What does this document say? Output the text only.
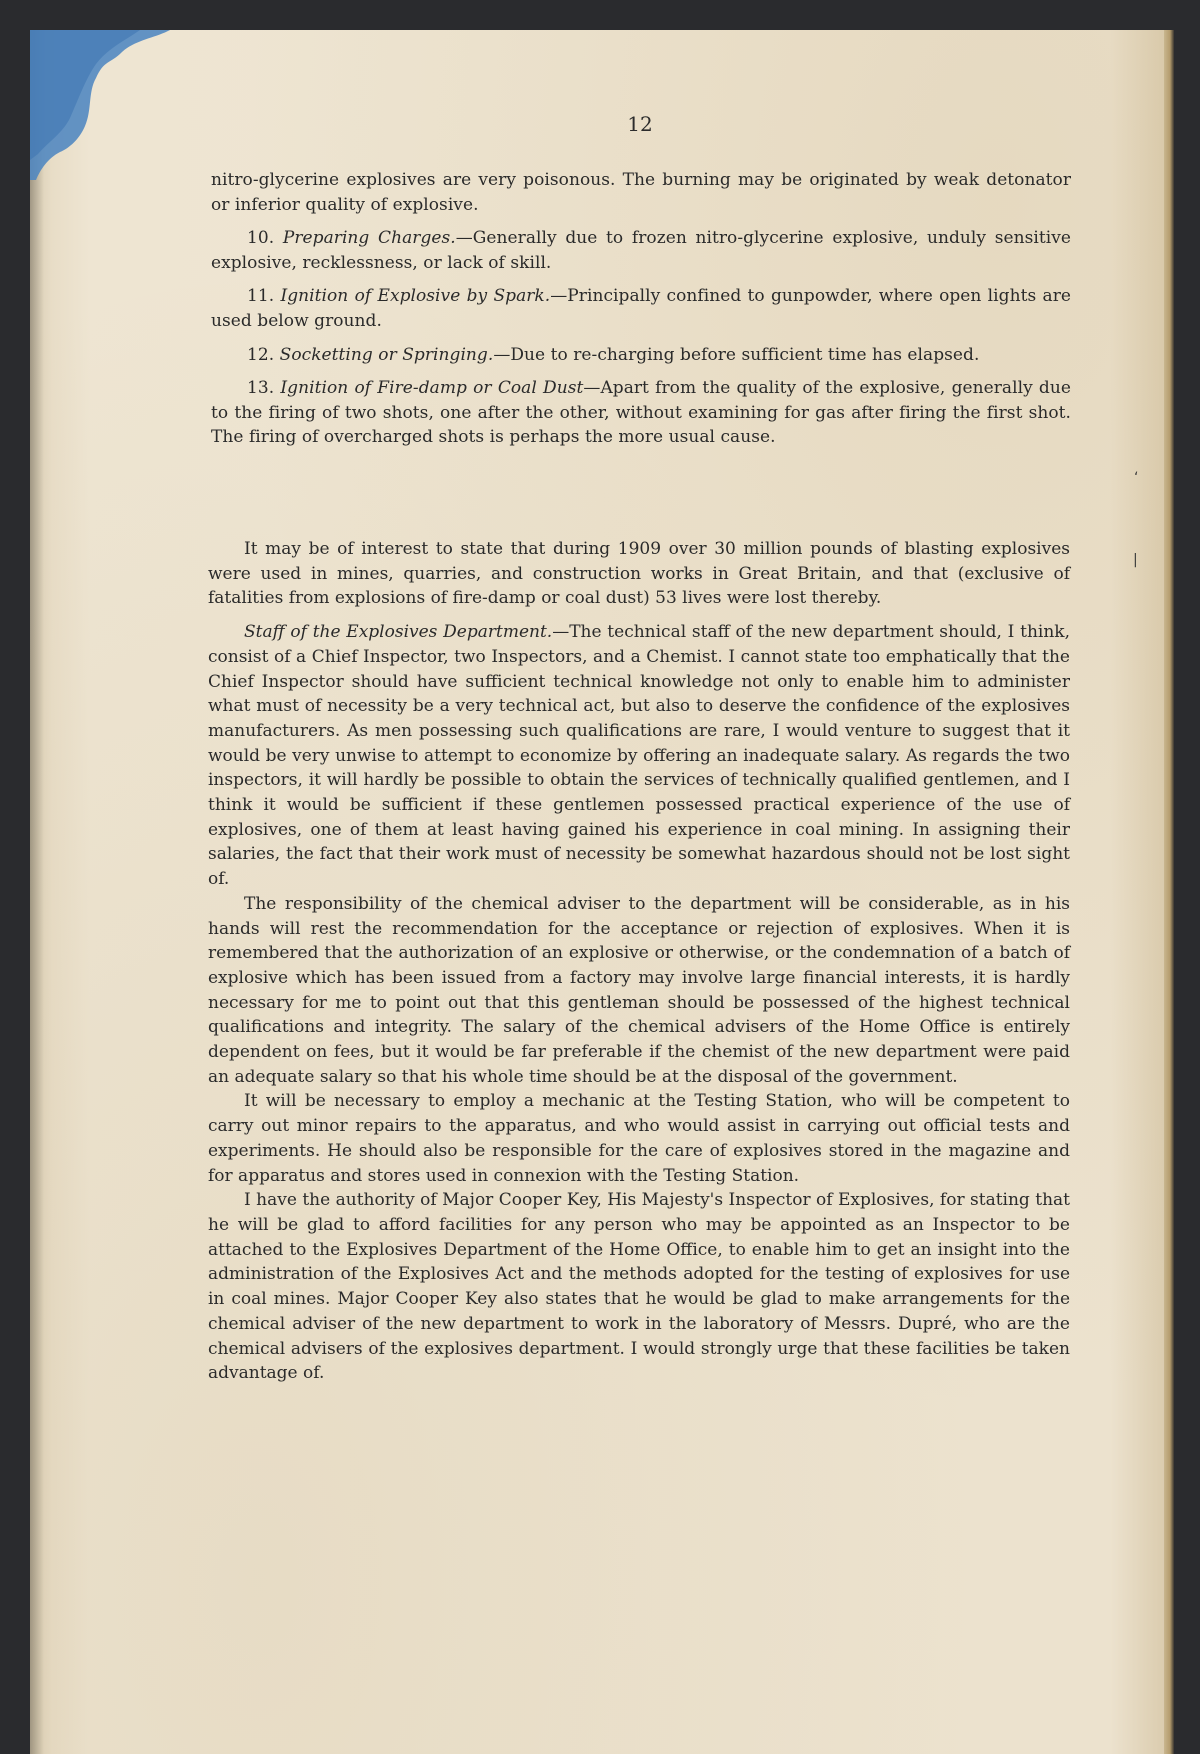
12

nitro-glycerine explosives are very poisonous. The burning may be originated by weak detonator or inferior quality of explosive.

10. Preparing Charges.—Generally due to frozen nitro-glycerine explosive, unduly sensitive explosive, recklessness, or lack of skill.

11. Ignition of Explosive by Spark.—Principally confined to gunpowder, where open lights are used below ground.

12. Socketting or Springing.—Due to re-charging before sufficient time has elapsed.

13. Ignition of Fire-damp or Coal Dust—Apart from the quality of the explosive, generally due to the firing of two shots, one after the other, without examining for gas after firing the first shot. The firing of overcharged shots is perhaps the more usual cause.

It may be of interest to state that during 1909 over 30 million pounds of blasting explosives were used in mines, quarries, and construction works in Great Britain, and that (exclusive of fatalities from explosions of fire-damp or coal dust) 53 lives were lost thereby.

Staff of the Explosives Department.—The technical staff of the new department should, I think, consist of a Chief Inspector, two Inspectors, and a Chemist. I cannot state too emphatically that the Chief Inspector should have sufficient technical knowledge not only to enable him to administer what must of necessity be a very technical act, but also to deserve the confidence of the explosives manufacturers. As men possessing such qualifications are rare, I would venture to suggest that it would be very unwise to attempt to economize by offering an inadequate salary. As regards the two inspectors, it will hardly be possible to obtain the services of technically qualified gentlemen, and I think it would be sufficient if these gentlemen possessed practical experience of the use of explosives, one of them at least having gained his experience in coal mining. In assigning their salaries, the fact that their work must of necessity be somewhat hazardous should not be lost sight of.

The responsibility of the chemical adviser to the department will be considerable, as in his hands will rest the recommendation for the acceptance or rejection of explosives. When it is remembered that the authorization of an explosive or otherwise, or the condemnation of a batch of explosive which has been issued from a factory may involve large financial interests, it is hardly necessary for me to point out that this gentleman should be possessed of the highest technical qualifications and integrity. The salary of the chemical advisers of the Home Office is entirely dependent on fees, but it would be far preferable if the chemist of the new department were paid an adequate salary so that his whole time should be at the disposal of the government.

It will be necessary to employ a mechanic at the Testing Station, who will be competent to carry out minor repairs to the apparatus, and who would assist in carrying out official tests and experiments. He should also be responsible for the care of explosives stored in the magazine and for apparatus and stores used in connexion with the Testing Station.

I have the authority of Major Cooper Key, His Majesty's Inspector of Explosives, for stating that he will be glad to afford facilities for any person who may be appointed as an Inspector to be attached to the Explosives Department of the Home Office, to enable him to get an insight into the administration of the Explosives Act and the methods adopted for the testing of explosives for use in coal mines. Major Cooper Key also states that he would be glad to make arrangements for the chemical adviser of the new department to work in the laboratory of Messrs. Dupré, who are the chemical advisers of the explosives department. I would strongly urge that these facilities be taken advantage of.

‘
|
